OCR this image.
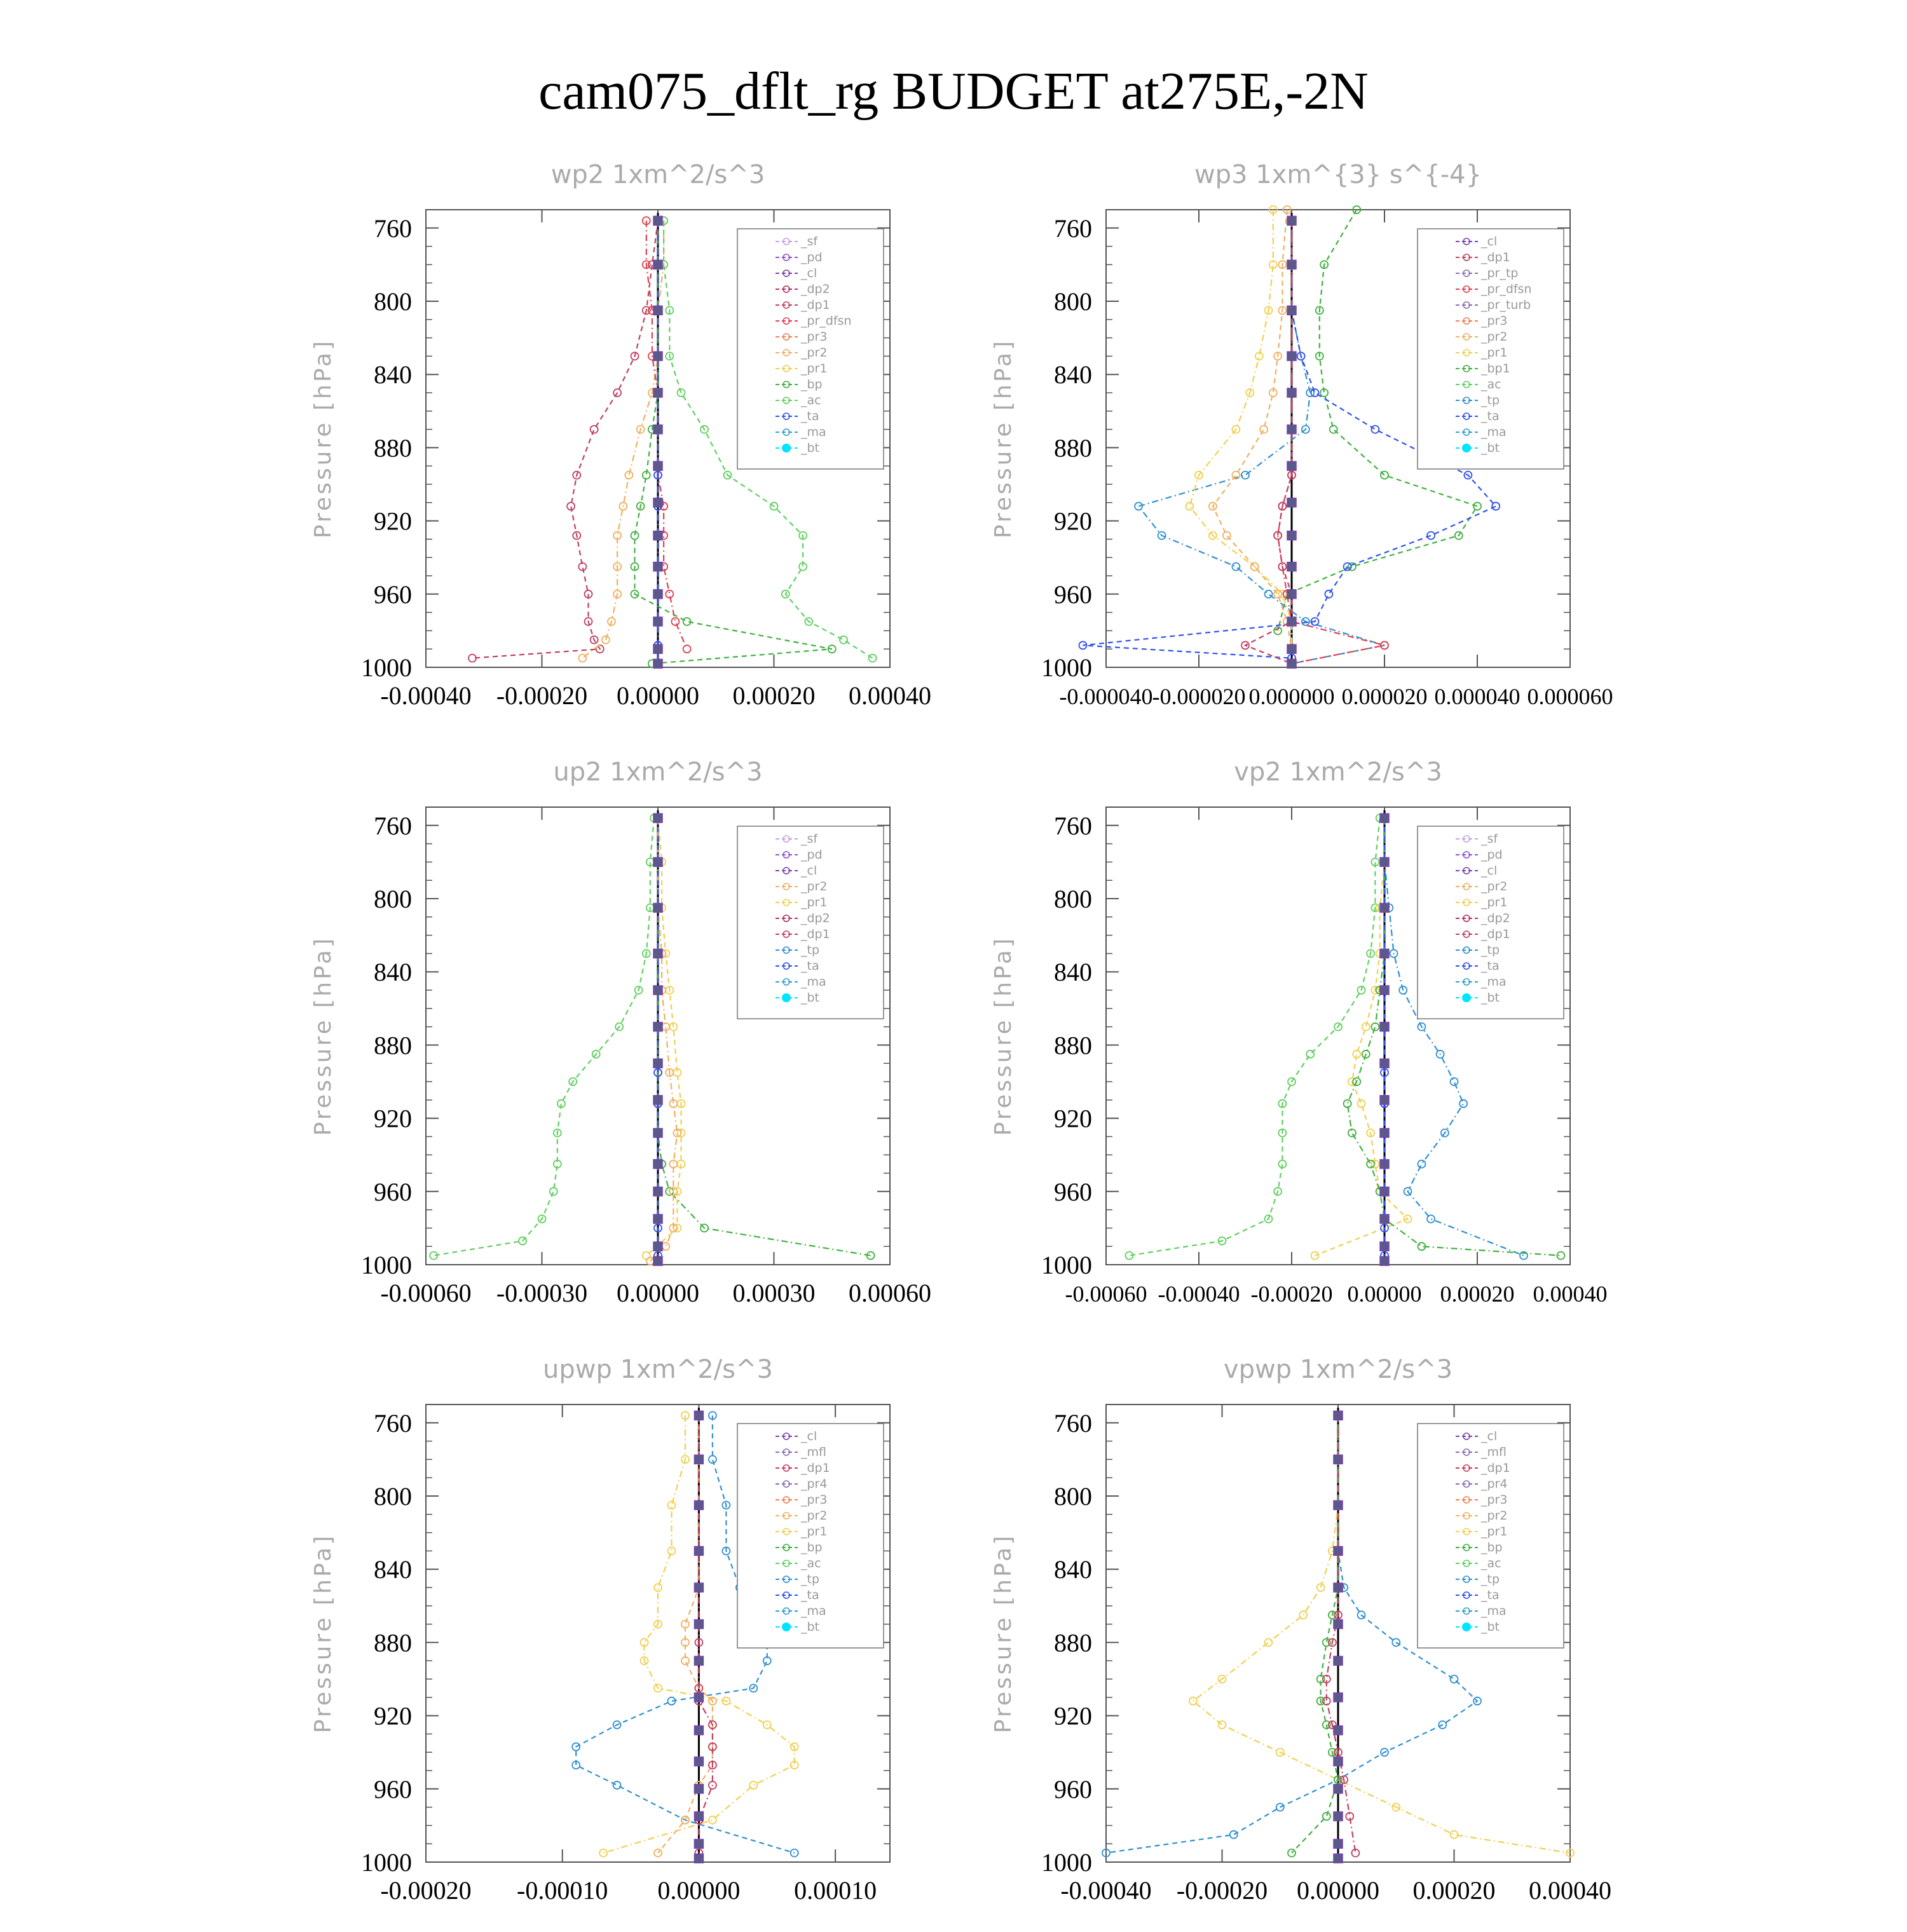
cam075_dflt_rg BUDGET at275E,-2N
wp2 1xm^2/s^3
Pressure [hPa]
760
800
840
880
920
960
1000
-0.00040 -0.00020 0.00000 0.00020 0.00040
_sf
_pd
_cl
_dp2
_dp1
_pr_dfsn
_pr3
_pr2
_pr1
_bp
_ac
_ta
_ma
_bt
wp3 1xm^{3} s^{-4}
Pressure [hPa]
760
800
840
880
920
960
1000
-0.000040 -0.000020 0.000000 0.000020 0.000040 0.000060
_cl
_dp1
_pr_tp
_pr_dfsn
_pr_turb
_pr3
_pr2
_pr1
_bp1
_ac
_tp
_ta
_ma
_bt
up2 1xm^2/s^3
Pressure [hPa]
760
800
840
880
920
960
1000
-0.00060 -0.00030 0.00000 0.00030 0.00060
_sf
_pd
_cl
_pr2
_pr1
_dp2
_dp1
_tp
_ta
_ma
_bt
vp2 1xm^2/s^3
Pressure [hPa]
760
800
840
880
920
960
1000
-0.00060 -0.00040 -0.00020 0.00000 0.00020 0.00040
_sf
_pd
_cl
_pr2
_pr1
_dp2
_dp1
_tp
_ta
_ma
_bt
upwp 1xm^2/s^3
Pressure [hPa]
760
800
840
880
920
960
1000
-0.00020 -0.00010 0.00000 0.00010
_cl
_mfl
_dp1
_pr4
_pr3
_pr2
_pr1
_bp
_ac
_tp
_ta
_ma
_bt
vpwp 1xm^2/s^3
Pressure [hPa]
760
800
840
880
920
960
1000
-0.00040 -0.00020 0.00000 0.00020 0.00040
_cl
_mfl
_dp1
_pr4
_pr3
_pr2
_pr1
_bp
_ac
_tp
_ta
_ma
_bt
